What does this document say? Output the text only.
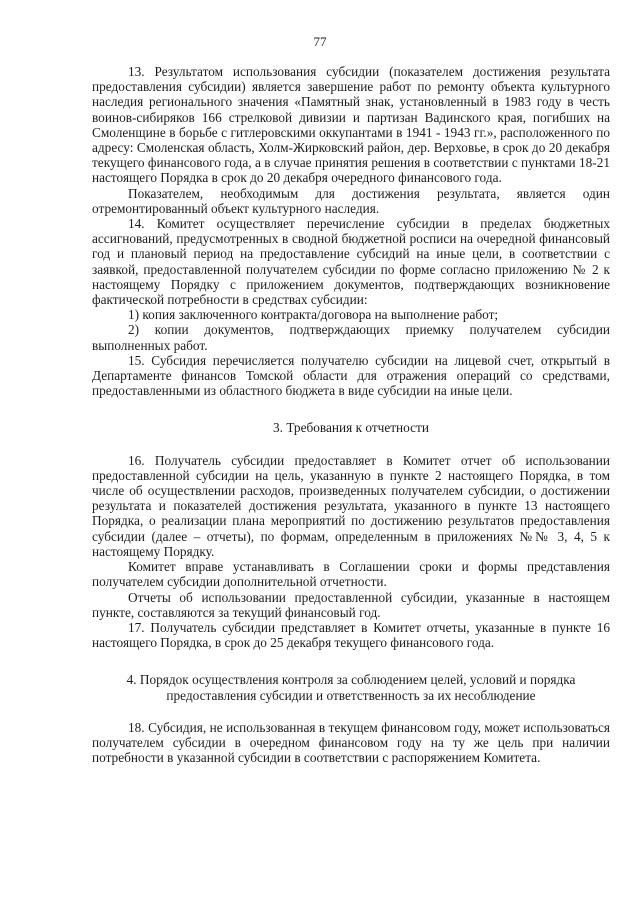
77

13. Результатом использования субсидии (показателем достижения результата предоставления субсидии) является завершение работ по ремонту объекта культурного наследия регионального значения «Памятный знак, установленный в 1983 году в честь воинов-сибиряков 166 стрелковой дивизии и партизан Вадинского края, погибших на Смоленщине в борьбе с гитлеровскими оккупантами в 1941 - 1943 гг.», расположенного по адресу: Смоленская область, Холм-Жирковский район, дер. Верховье, в срок до 20 декабря текущего финансового года, а в случае принятия решения в соответствии с пунктами 18-21 настоящего Порядка в срок до 20 декабря очередного финансового года.

Показателем, необходимым для достижения результата, является один отремонтированный объект культурного наследия.

14. Комитет осуществляет перечисление субсидии в пределах бюджетных ассигнований, предусмотренных в сводной бюджетной росписи на очередной финансовый год и плановый период на предоставление субсидий на иные цели, в соответствии с заявкой, предоставленной получателем субсидии по форме согласно приложению № 2 к настоящему Порядку с приложением документов, подтверждающих возникновение фактической потребности в средствах субсидии:

1) копия заключенного контракта/договора на выполнение работ;

2) копии документов, подтверждающих приемку получателем субсидии выполненных работ.

15. Субсидия перечисляется получателю субсидии на лицевой счет, открытый в Департаменте финансов Томской области для отражения операций со средствами, предоставленными из областного бюджета в виде субсидии на иные цели.

3. Требования к отчетности

16. Получатель субсидии предоставляет в Комитет отчет об использовании предоставленной субсидии на цель, указанную в пункте 2 настоящего Порядка, в том числе об осуществлении расходов, произведенных получателем субсидии, о достижении результата и показателей достижения результата, указанного в пункте 13 настоящего Порядка, о реализации плана мероприятий по достижению результатов предоставления субсидии (далее – отчеты), по формам, определенным в приложениях №№ 3, 4, 5 к настоящему Порядку.

Комитет вправе устанавливать в Соглашении сроки и формы представления получателем субсидии дополнительной отчетности.

Отчеты об использовании предоставленной субсидии, указанные в настоящем пункте, составляются за текущий финансовый год.

17. Получатель субсидии представляет в Комитет отчеты, указанные в пункте 16 настоящего Порядка, в срок до 25 декабря текущего финансового года.

4. Порядок осуществления контроля за соблюдением целей, условий и порядка

предоставления субсидии и ответственность за их несоблюдение

18. Субсидия, не использованная в текущем финансовом году, может использоваться получателем субсидии в очередном финансовом году на ту же цель при наличии потребности в указанной субсидии в соответствии с распоряжением Комитета.
